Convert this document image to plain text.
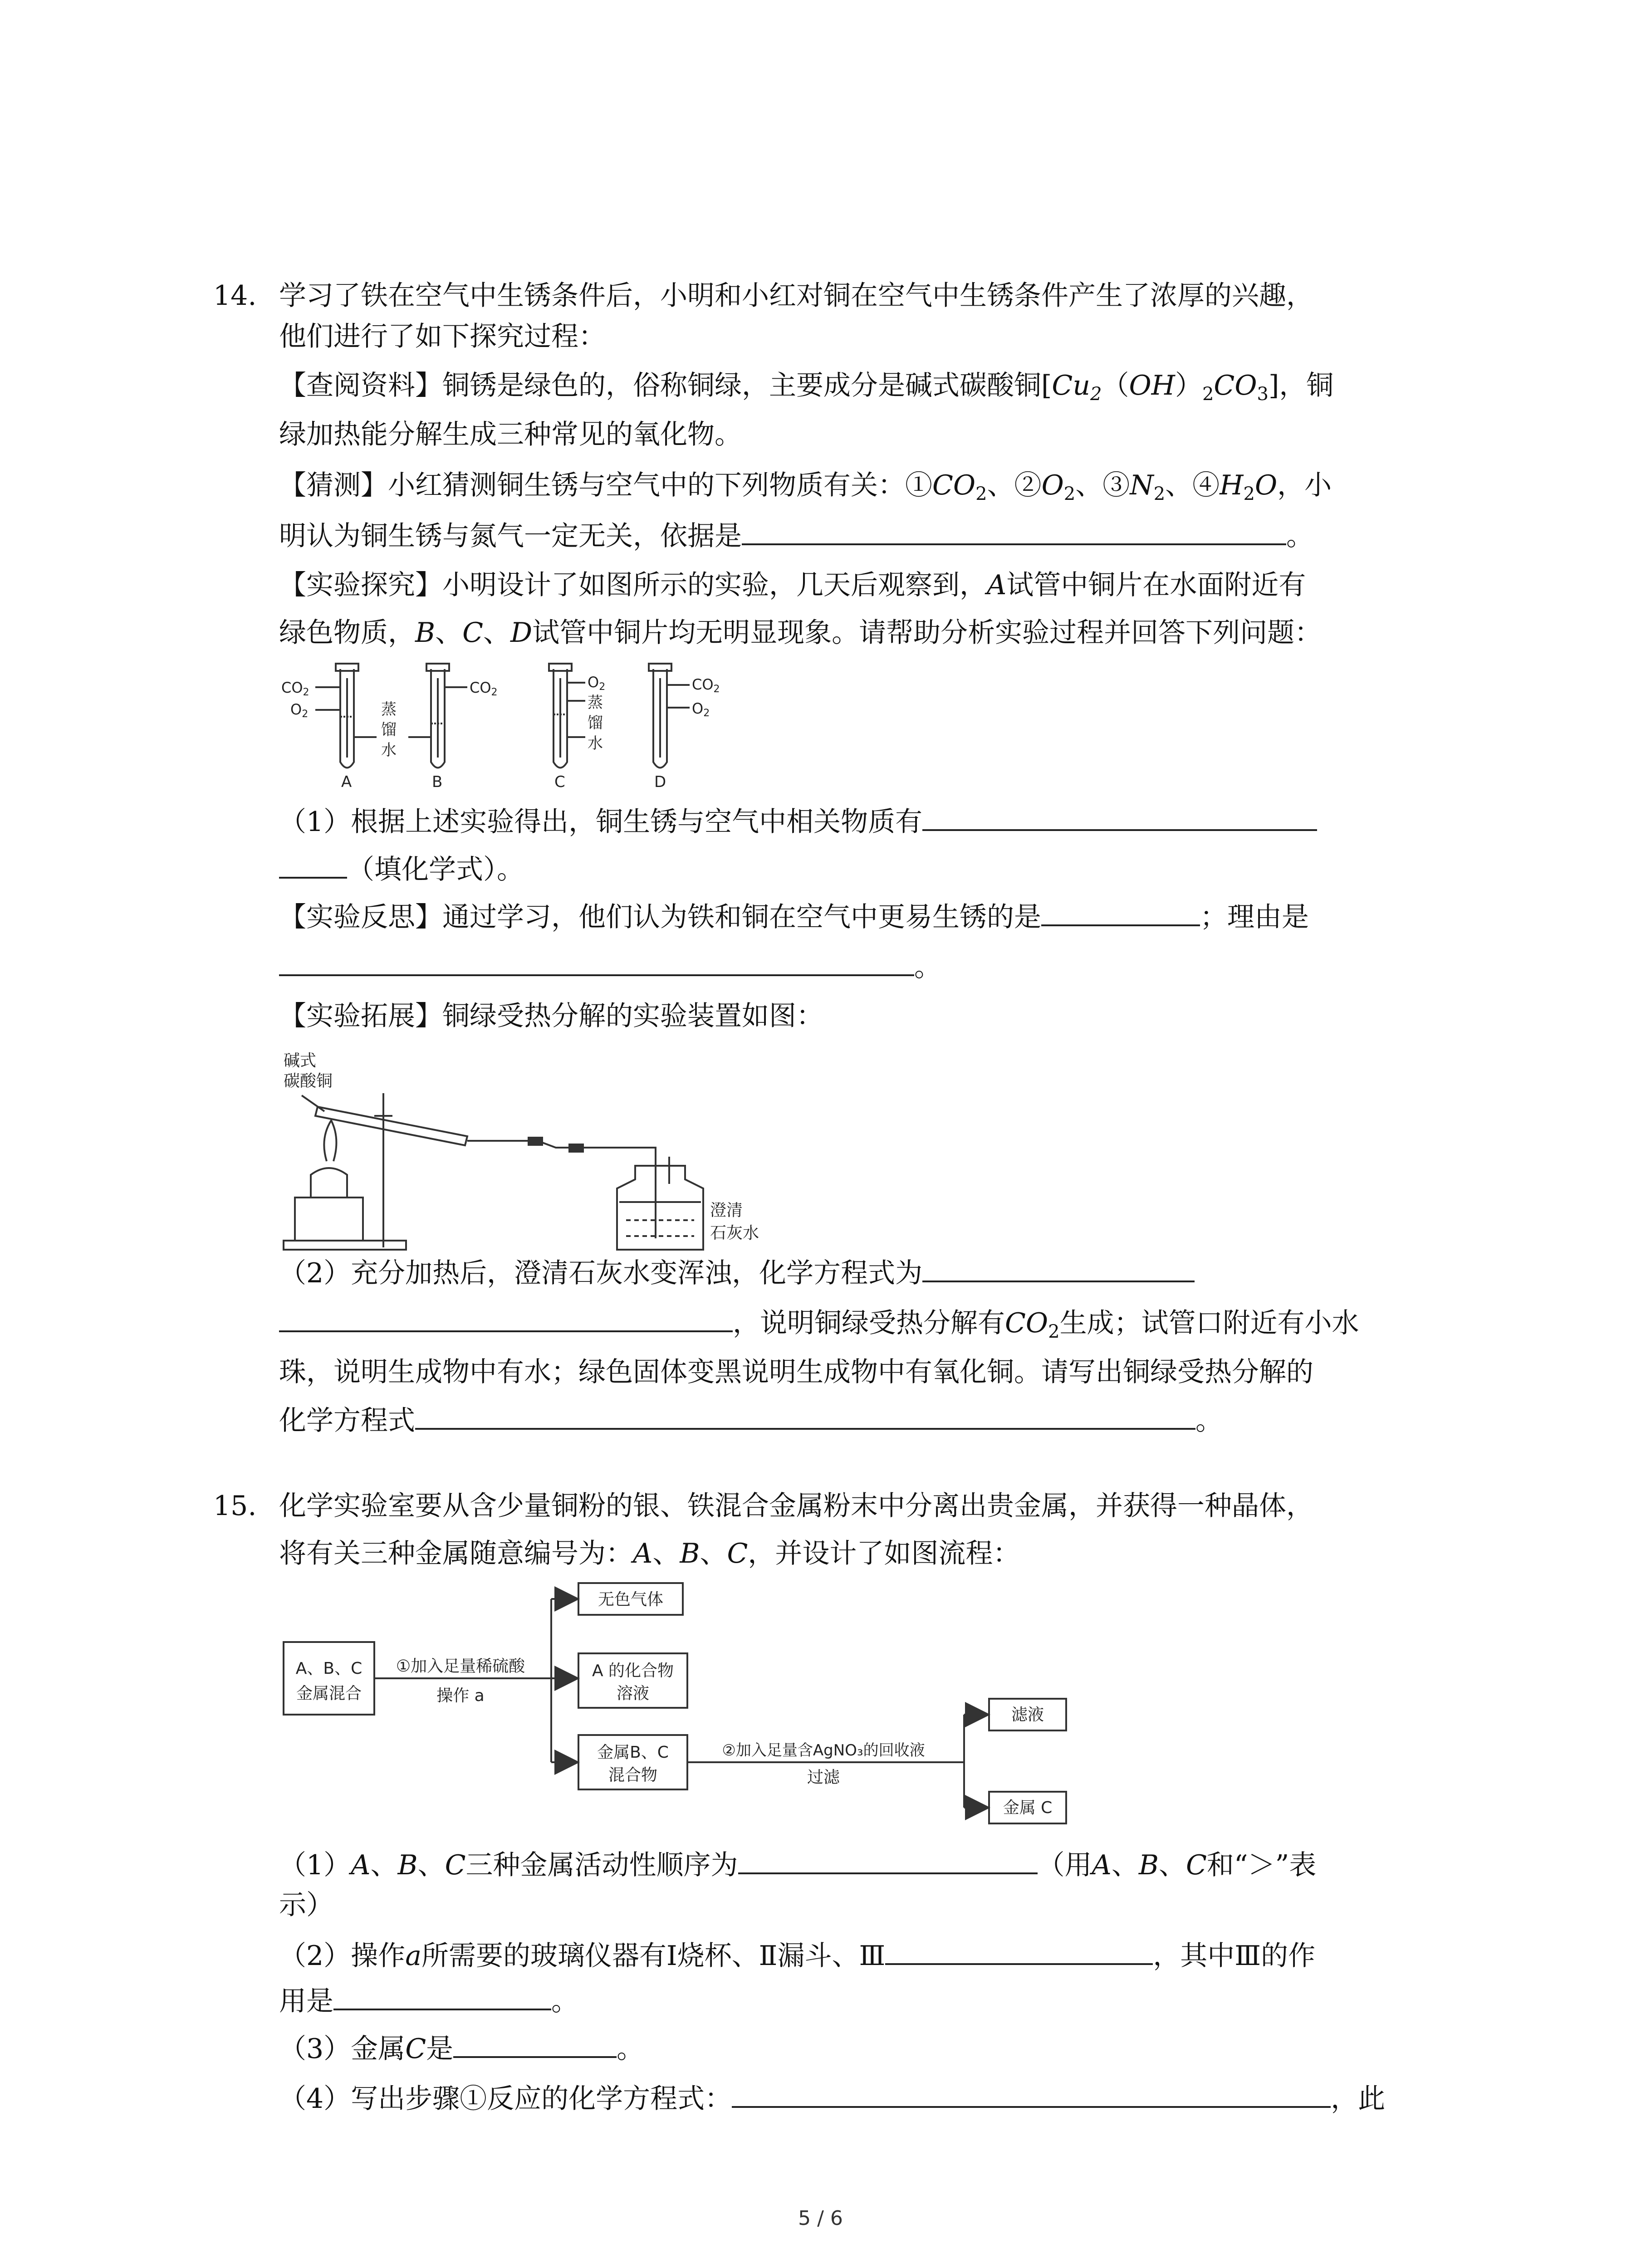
14. 学习了铁在空气中生锈条件后，小明和小红对铜在空气中生锈条件产生了浓厚的兴趣，
他们进行了如下探究过程：
【查阅资料】铜锈是绿色的，俗称铜绿，主要成分是碱式碳酸铜$[Cu_2(OH)_2CO_3]$，铜
绿加热能分解生成三种常见的氧化物。
【猜测】小红猜测铜生锈与空气中的下列物质有关：$①CO_2$、$②O_2$、$③N_2$、$④H_2O$，小
明认为铜生锈与氮气一定无关，依据是	。
【实验探究】小明设计了如图所示的实验，几天后观察到，A试管中铜片在水面附近有
绿色物质，B、C、D试管中铜片均无明显现象。请帮助分析实验过程并回答下列问题：
CO2
O2	蒸
馏
水
CO2
O2
蒸
馏
水
CO2
O2
A	B	C	D
（1）根据上述实验得出，铜生锈与空气中相关物质有
（填化学式）。
【实验反思】通过学习，他们认为铁和铜在空气中更易生锈的是	；理由是
。
【实验拓展】铜绿受热分解的实验装置如图：
碱式
碳酸铜
澄清
石灰水
（2）充分加热后，澄清石灰水变浑浊，化学方程式为
，说明铜绿受热分解有$CO_2$生成；试管口附近有小水
珠，说明生成物中有水；绿色固体变黑说明生成物中有氧化铜。请写出铜绿受热分解的
化学方程式	。
15. 化学实验室要从含少量铜粉的银、铁混合金属粉末中分离出贵金属，并获得一种晶体，
将有关三种金属随意编号为：A、B、C，并设计了如图流程：
A、B、C
金属混合
①加入足量稀硫酸
操作 a
无色气体
A 的化合物
溶液
金属B、C
混合物
②加入足量含AgNO₃的回收液
过滤
滤液
金属 C
（1）A、B、C三种金属活动性顺序为	（用A、B、C和“＞”表
示）
（2）操作a所需要的玻璃仪器有Ⅰ烧杯、Ⅱ漏斗、Ⅲ	，其中Ⅲ的作
用是	。
（3）金属C是	。
（4）写出步骤①反应的化学方程式：	，此
5 / 6
